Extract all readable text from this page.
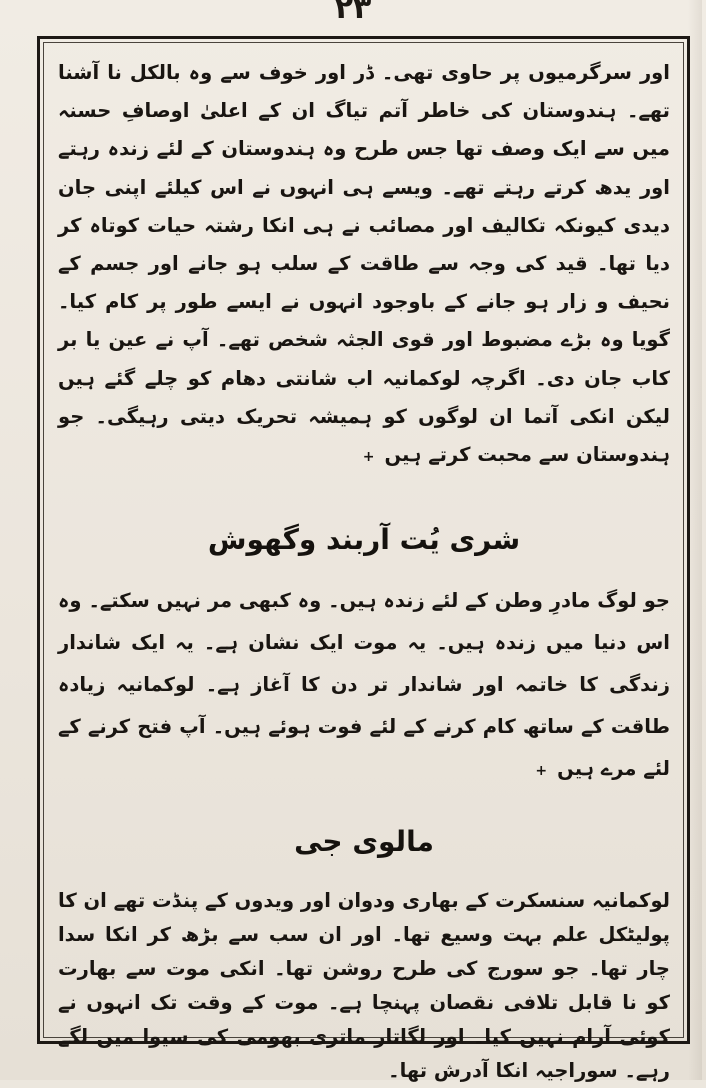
۲۳

اور سرگرمیوں پر حاوی تھی۔ ڈر اور خوف سے وہ بالکل نا آشنا تھے۔ ہندوستان کی خاطر آتم تیاگ ان کے اعلیٰ اوصافِ حسنہ میں سے ایک وصف تھا جس طرح وہ ہندوستان کے لئے زندہ رہتے اور یدھ کرتے رہتے تھے۔ ویسے ہی انہوں نے اس کیلئے اپنی جان دیدی کیونکہ تکالیف اور مصائب نے ہی انکا رشتہ حیات کوتاہ کر دیا تھا۔ قید کی وجہ سے طاقت کے سلب ہو جانے اور جسم کے نحیف و زار ہو جانے کے باوجود انہوں نے ایسے طور پر کام کیا۔ گویا وہ بڑے مضبوط اور قوی الجثہ شخص تھے۔ آپ نے عین یا بر کاب جان دی۔ اگرچہ لوکمانیہ اب شانتی دھام کو چلے گئے ہیں لیکن انکی آتما ان لوگوں کو ہمیشہ تحریک دیتی رہیگی۔ جو ہندوستان سے محبت کرتے ہیں+

شری یُت آربند وگھوش

جو لوگ مادرِ وطن کے لئے زندہ ہیں۔ وہ کبھی مر نہیں سکتے۔ وہ اس دنیا میں زندہ ہیں۔ یہ موت ایک نشان ہے۔ یہ ایک شاندار زندگی کا خاتمہ اور شاندار تر دن کا آغاز ہے۔ لوکمانیہ زیادہ طاقت کے ساتھ کام کرنے کے لئے فوت ہوئے ہیں۔ آپ فتح کرنے کے لئے مرے ہیں+

مالوی جی

لوکمانیہ سنسکرت کے بھاری ودوان اور ویدوں کے پنڈت تھے ان کا پولیٹکل علم بہت وسیع تھا۔ اور ان سب سے بڑھ کر انکا سدا چار تھا۔ جو سورج کی طرح روشن تھا۔ انکی موت سے بھارت کو نا قابل تلافی نقصان پہنچا ہے۔ موت کے وقت تک انہوں نے کوئی آرام نہیں کیا۔ اور لگاتار ماتری بھومی کی سیوا میں لگے رہے۔ سوراجیہ انکا آدرش تھا۔
